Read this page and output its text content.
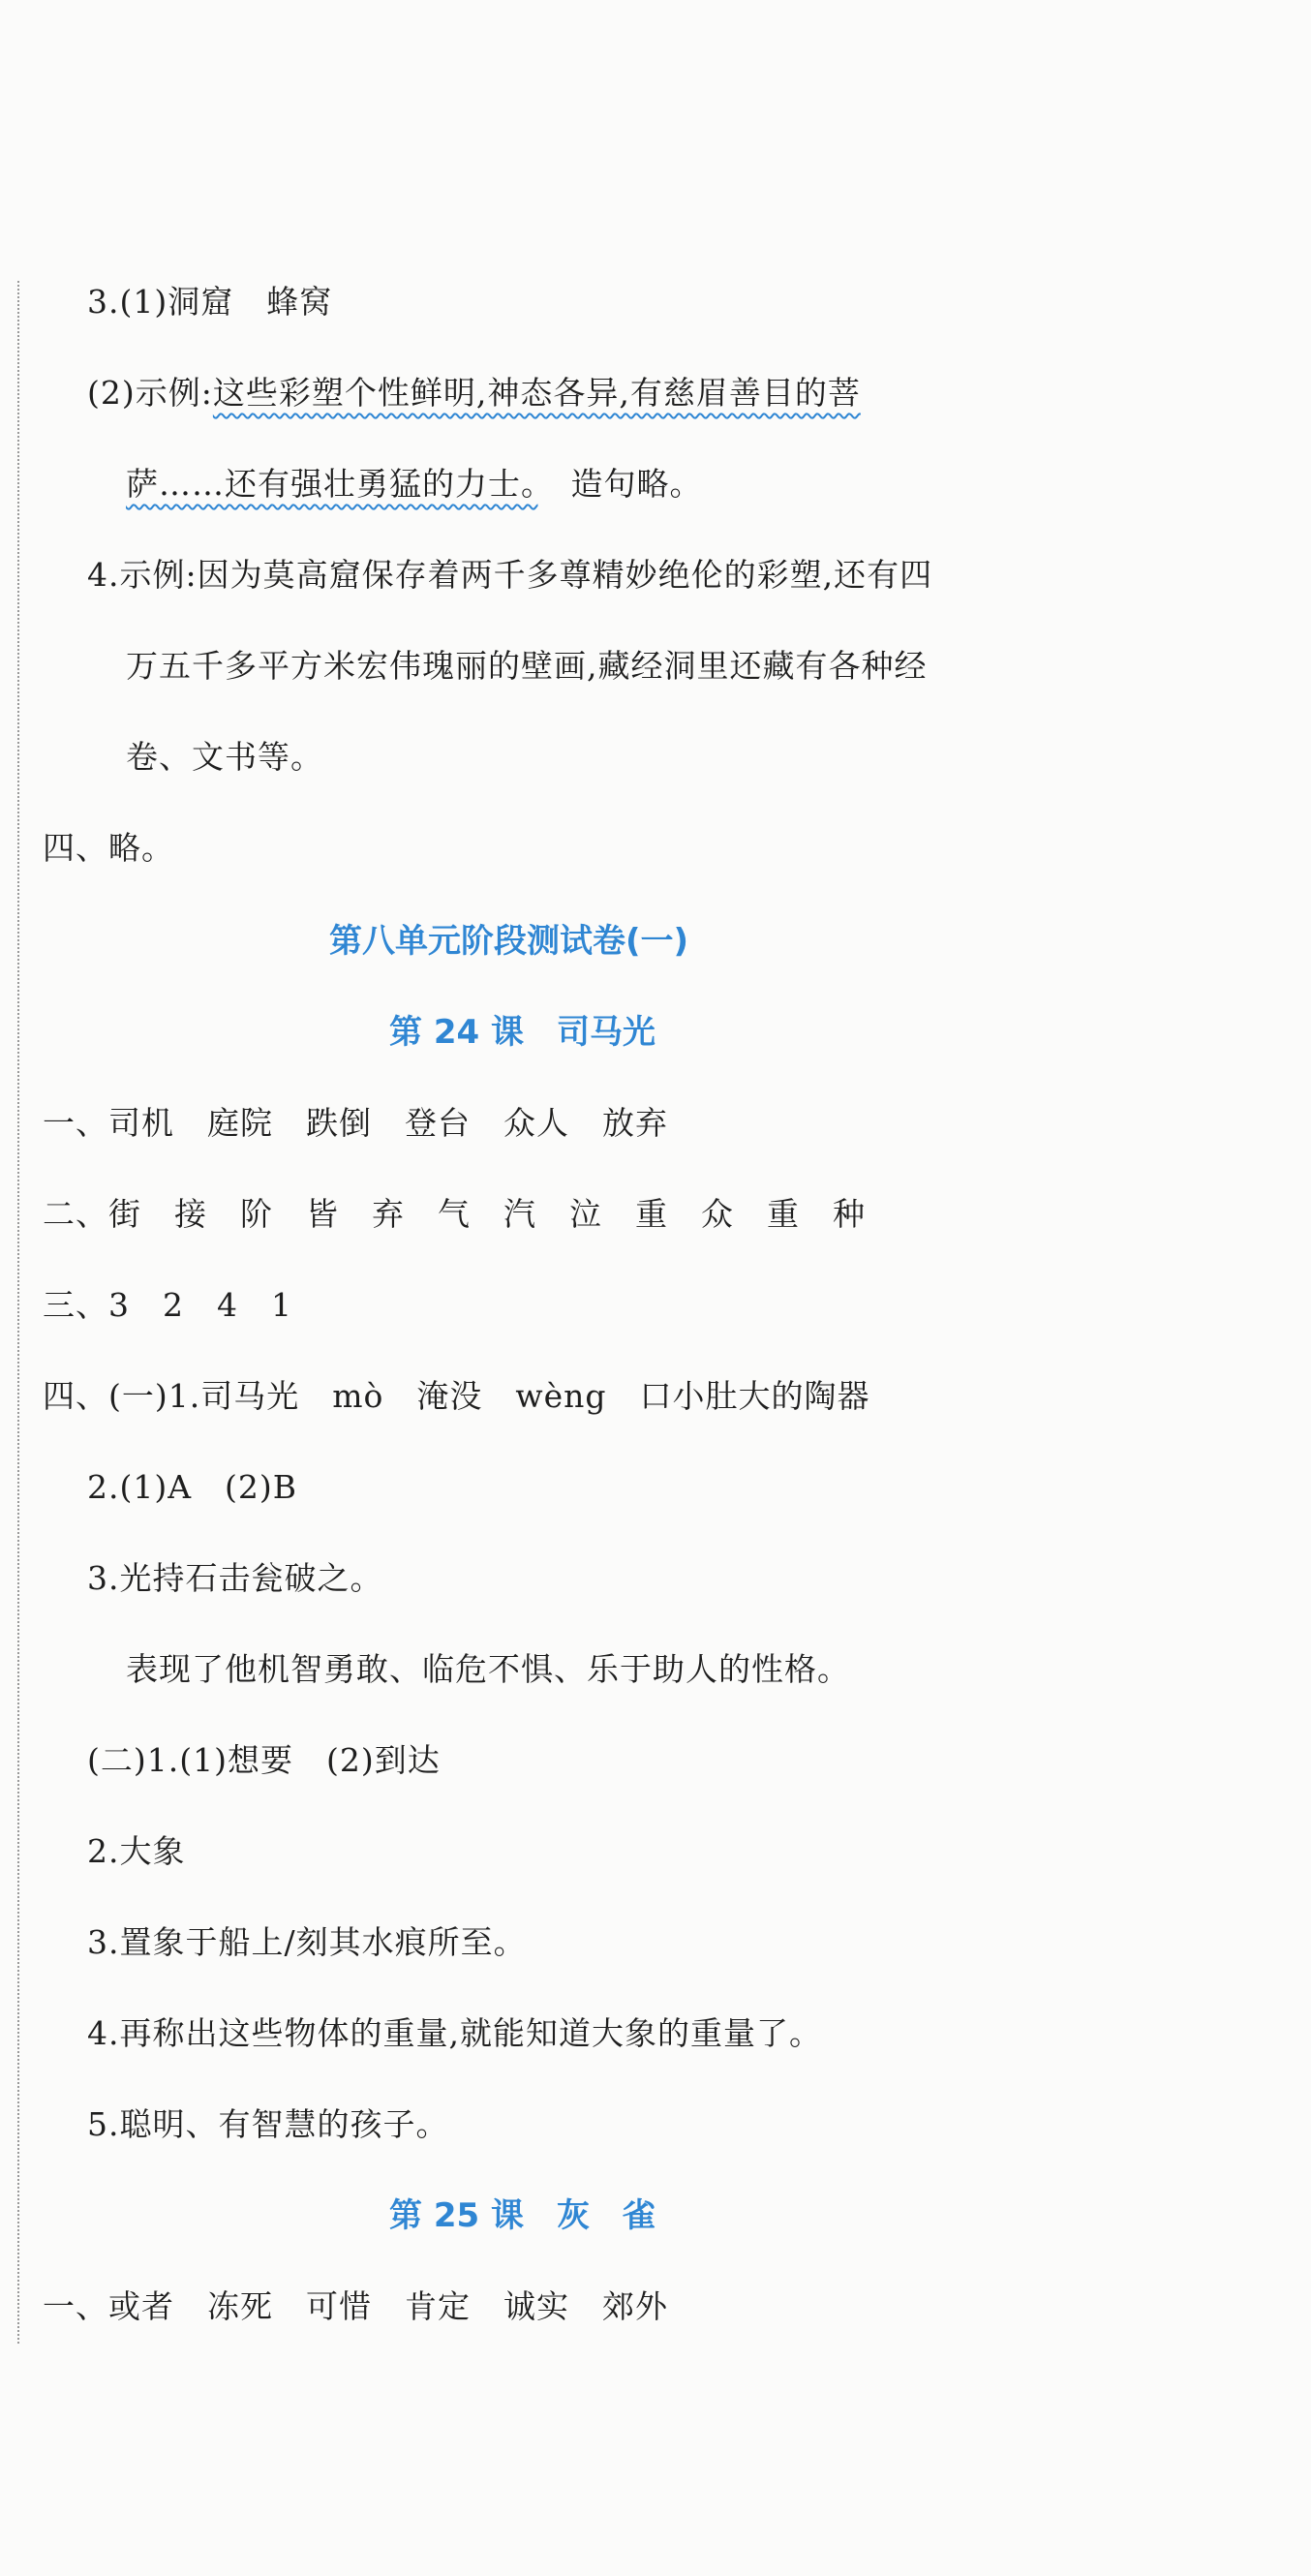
3.(1)洞窟　蜂窝
(2)示例:这些彩塑个性鲜明,神态各异,有慈眉善目的菩
萨……还有强壮勇猛的力士。　造句略。
4.示例:因为莫高窟保存着两千多尊精妙绝伦的彩塑,还有四
万五千多平方米宏伟瑰丽的壁画,藏经洞里还藏有各种经
卷、文书等。
四、略。
第八单元阶段测试卷(一)
第 24 课　司马光
一、司机　庭院　跌倒　登台　众人　放弃
二、街　接　阶　皆　弃　气　汽　泣　重　众　重　种
三、3　2　4　1
四、(一)1.司马光　mò　淹没　wèng　口小肚大的陶器
2.(1)A　(2)B
3.光持石击瓮破之。
表现了他机智勇敢、临危不惧、乐于助人的性格。
(二)1.(1)想要　(2)到达
2.大象
3.置象于船上/刻其水痕所至。
4.再称出这些物体的重量,就能知道大象的重量了。
5.聪明、有智慧的孩子。
第 25 课　灰　雀
一、或者　冻死　可惜　肯定　诚实　郊外
